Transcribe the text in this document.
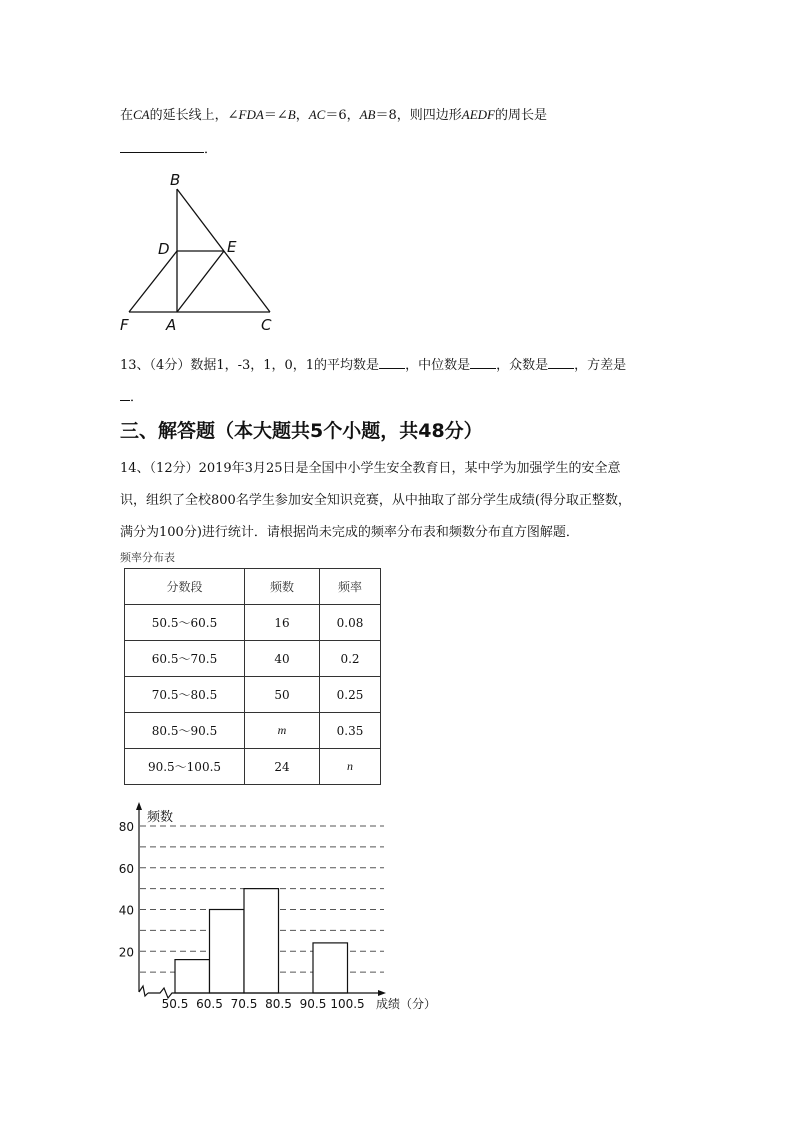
在CA的延长线上，∠FDA＝∠B，AC＝6，AB＝8，则四边形AEDF的周长是
．
B
D	E
F A	C
13、（4分）数据1，-3，1，0，1的平均数是 ，中位数是 ，众数是 ，方差是
．
三、解答题（本大题共5个小题，共48分）
14、（12分）2019年3月25日是全国中小学生安全教育日，某中学为加强学生的安全意
识，组织了全校800名学生参加安全知识竞赛，从中抽取了部分学生成绩(得分取正整数，
满分为100分)进行统计．请根据尚未完成的频率分布表和频数分布直方图解题．
频率分布表
分数段	频数	频率
50.5～60.5	16	0.08
60.5～70.5	40	0.2
70.5～80.5	50	0.25
80.5～90.5	m	0.35
90.5～100.5	24	n
频数
成绩（分）
20
40
60
80
50.5 60.5 70.5 80.5 90.5 100.5
